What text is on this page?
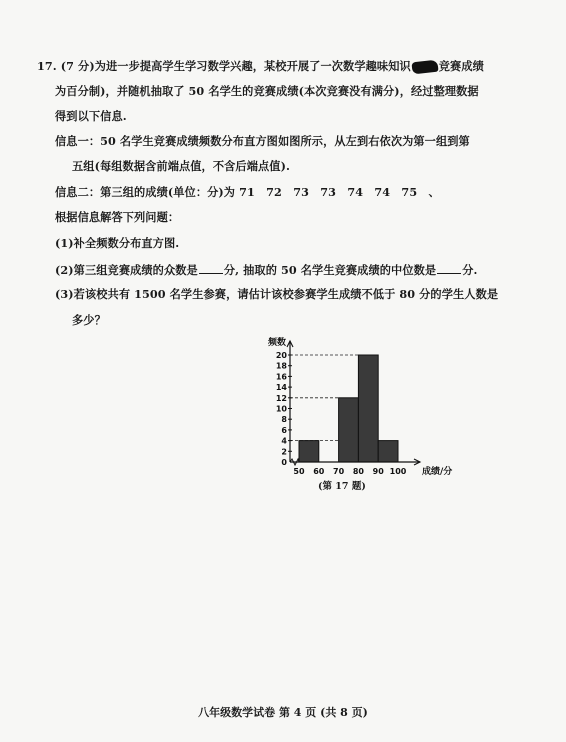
17. (7 分)为进一步提高学生学习数学兴趣，某校开展了一次数学趣味知识	竞赛成绩
为百分制)，并随机抽取了 50 名学生的竞赛成绩(本次竞赛没有满分)，经过整理数据
得到以下信息.
信息一：50 名学生竞赛成绩频数分布直方图如图所示，从左到右依次为第一组到第
五组(每组数据含前端点值，不含后端点值).
信息二：第三组的成绩(单位：分)为 71　72　73　73　74　74　75　、
根据信息解答下列问题：
(1)补全频数分布直方图.
(2)第三组竞赛成绩的众数是 分, 抽取的 50 名学生竞赛成绩的中位数是 分.
(3)若该校共有 1500 名学生参赛，请估计该校参赛学生成绩不低于 80 分的学生人数是
多少？
2
4
6
8
10
12
14
16
18
20
0
50 60 70 80 90 100
频数
成绩/分
(第 17 题)
八年级数学试卷 第 4 页 (共 8 页)
